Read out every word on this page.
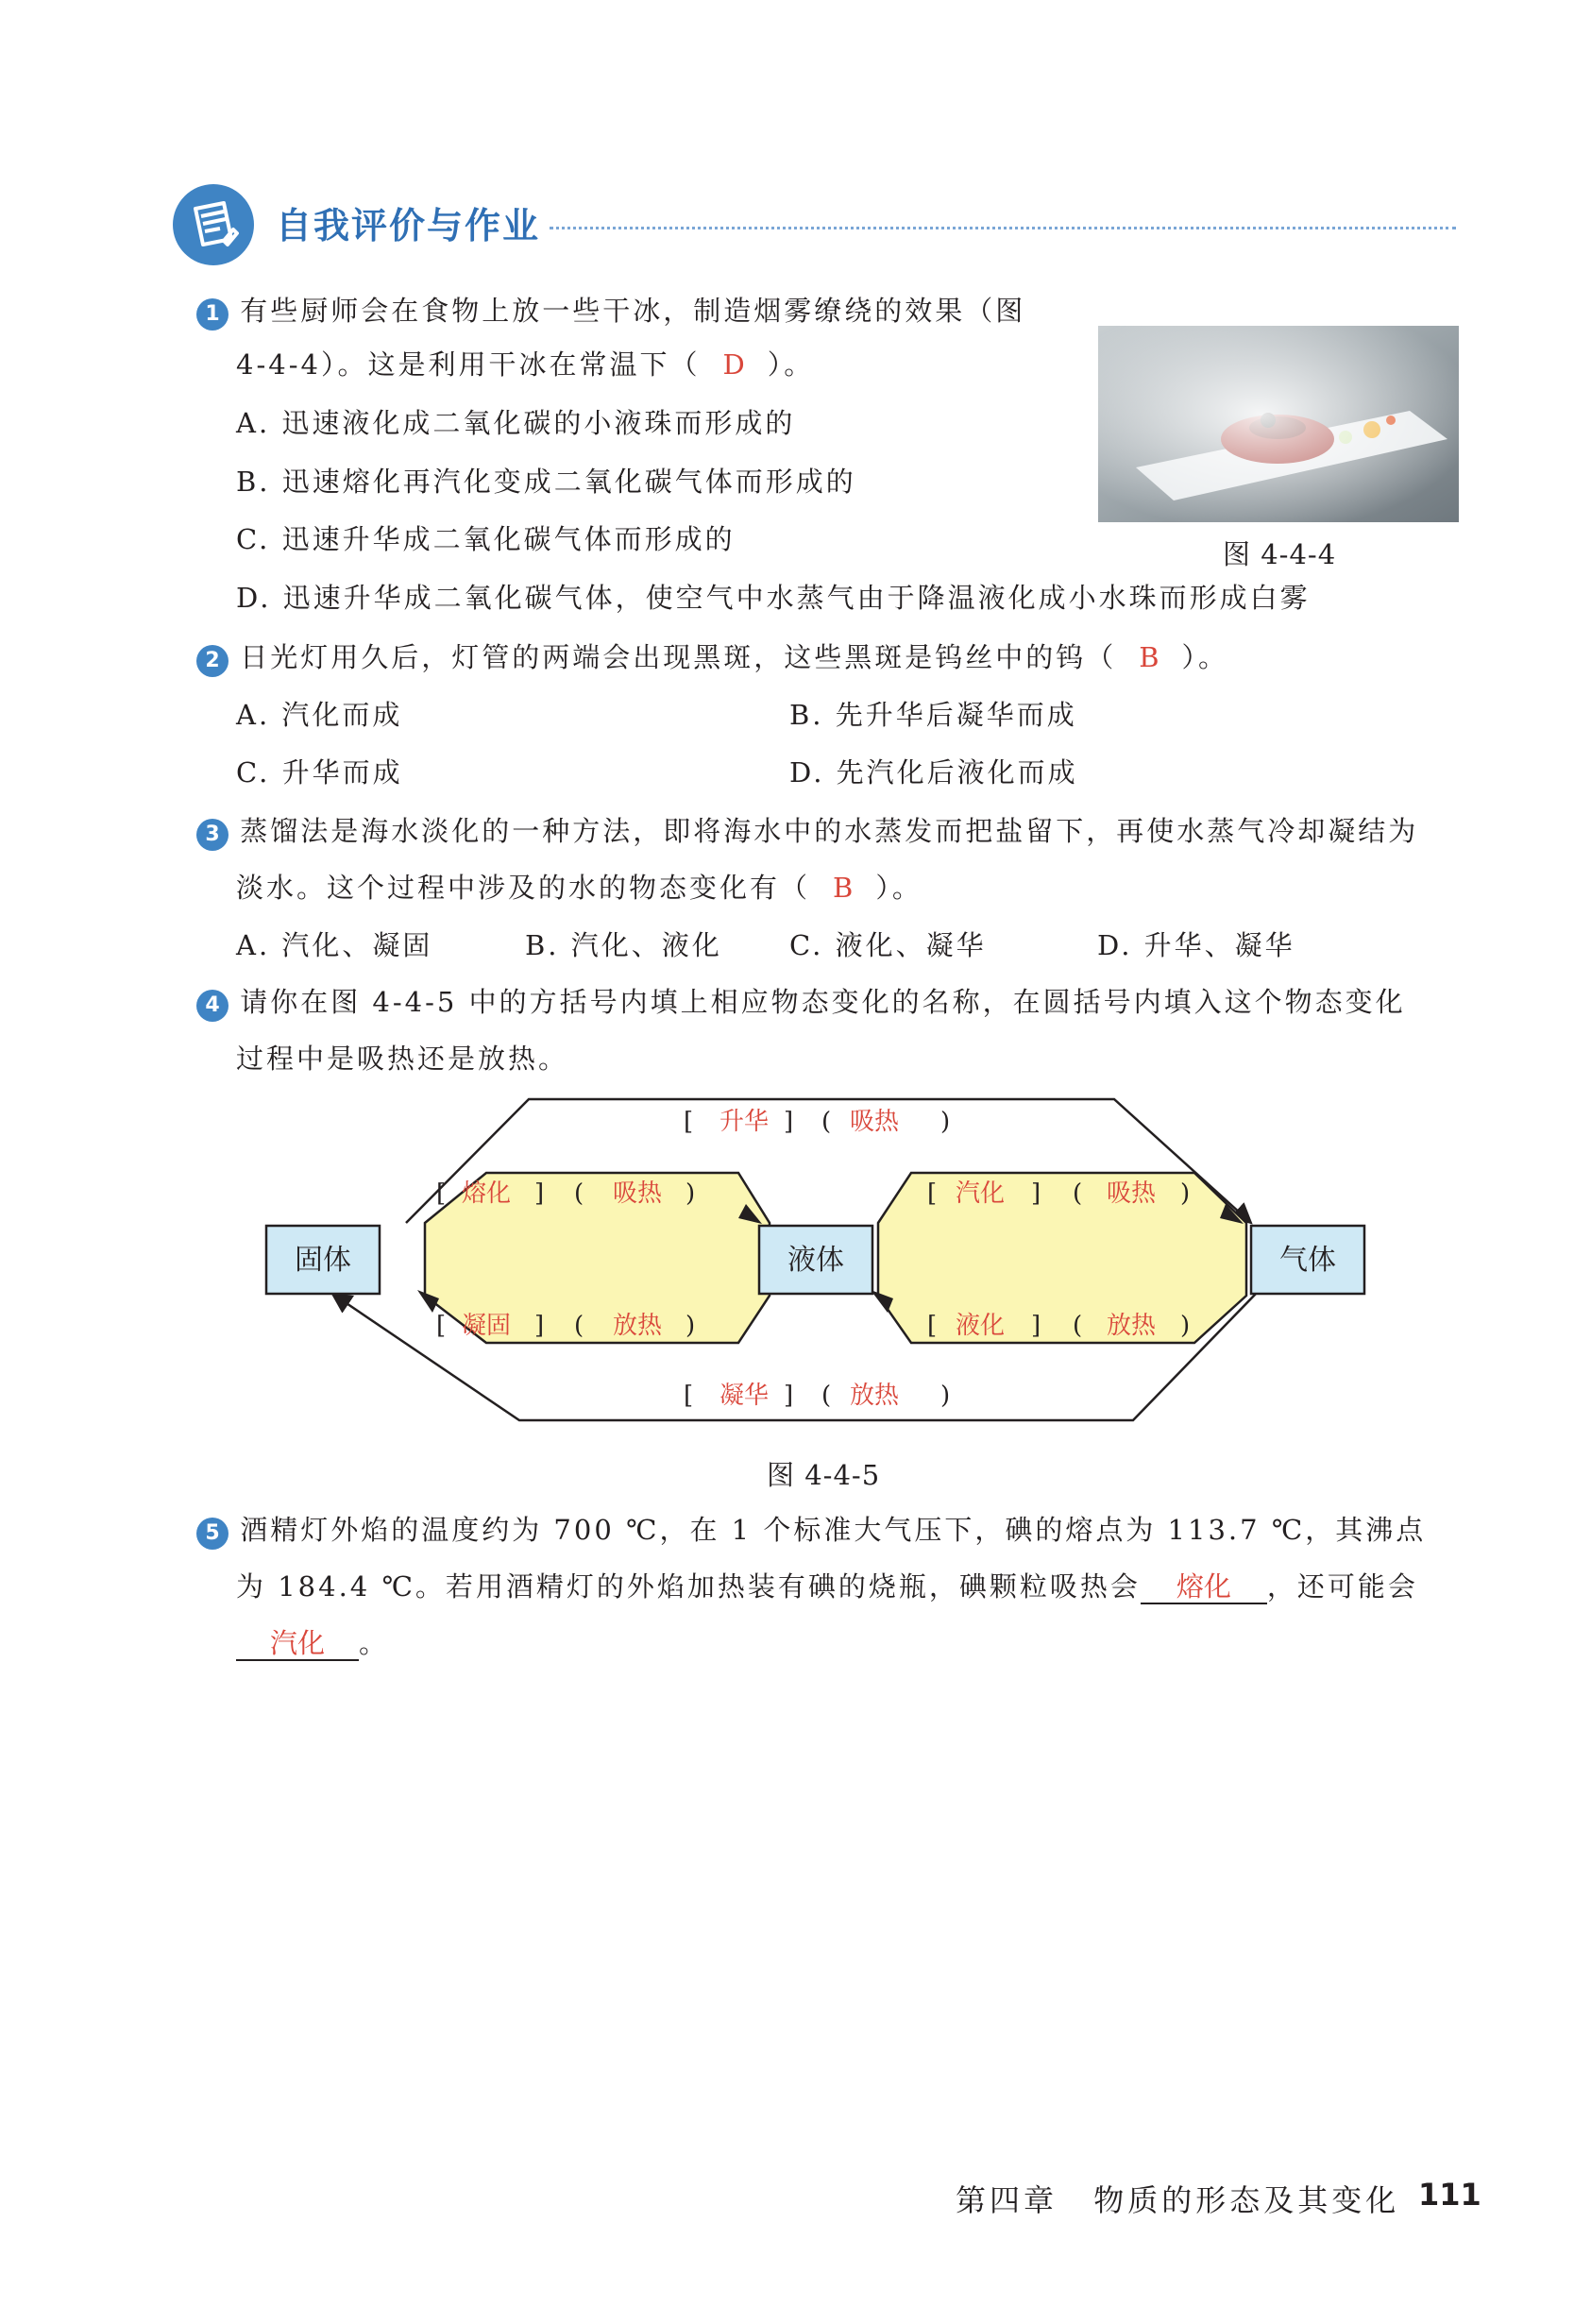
自我评价与作业
1 有些厨师会在食物上放一些干冰，制造烟雾缭绕的效果（图
4-4-4）。这是利用干冰在常温下（ D ）。
A. 迅速液化成二氧化碳的小液珠而形成的
B. 迅速熔化再汽化变成二氧化碳气体而形成的
C. 迅速升华成二氧化碳气体而形成的
D. 迅速升华成二氧化碳气体，使空气中水蒸气由于降温液化成小水珠而形成白雾
图 4-4-4
2 日光灯用久后，灯管的两端会出现黑斑，这些黑斑是钨丝中的钨（ B ）。
A. 汽化而成	B. 先升华后凝华而成
C. 升华而成	D. 先汽化后液化而成
3 蒸馏法是海水淡化的一种方法，即将海水中的水蒸发而把盐留下，再使水蒸气冷却凝结为
淡水。这个过程中涉及的水的物态变化有（ B ）。
A. 汽化、凝固	B. 汽化、液化 C. 液化、凝华	D. 升华、凝华
4 请你在图 4-4-5 中的方括号内填上相应物态变化的名称，在圆括号内填入这个物态变化
过程中是吸热还是放热。
固体	液体	气体
[ 升华 ] ( 吸热 )
[ 熔化 ] ( 吸热 )	[ 汽化 ] ( 吸热 )
[ 凝固 ] ( 放热 )	[ 液化 ] ( 放热 )
[ 凝华 ] ( 放热 )
图 4-4-5
5 酒精灯外焰的温度约为 700 ℃，在 1 个标准大气压下，碘的熔点为 113.7 ℃，其沸点
为 184.4 ℃。若用酒精灯的外焰加热装有碘的烧瓶，碘颗粒吸热会 熔化 ，还可能会
汽化 。
第四章 物质的形态及其变化 111
